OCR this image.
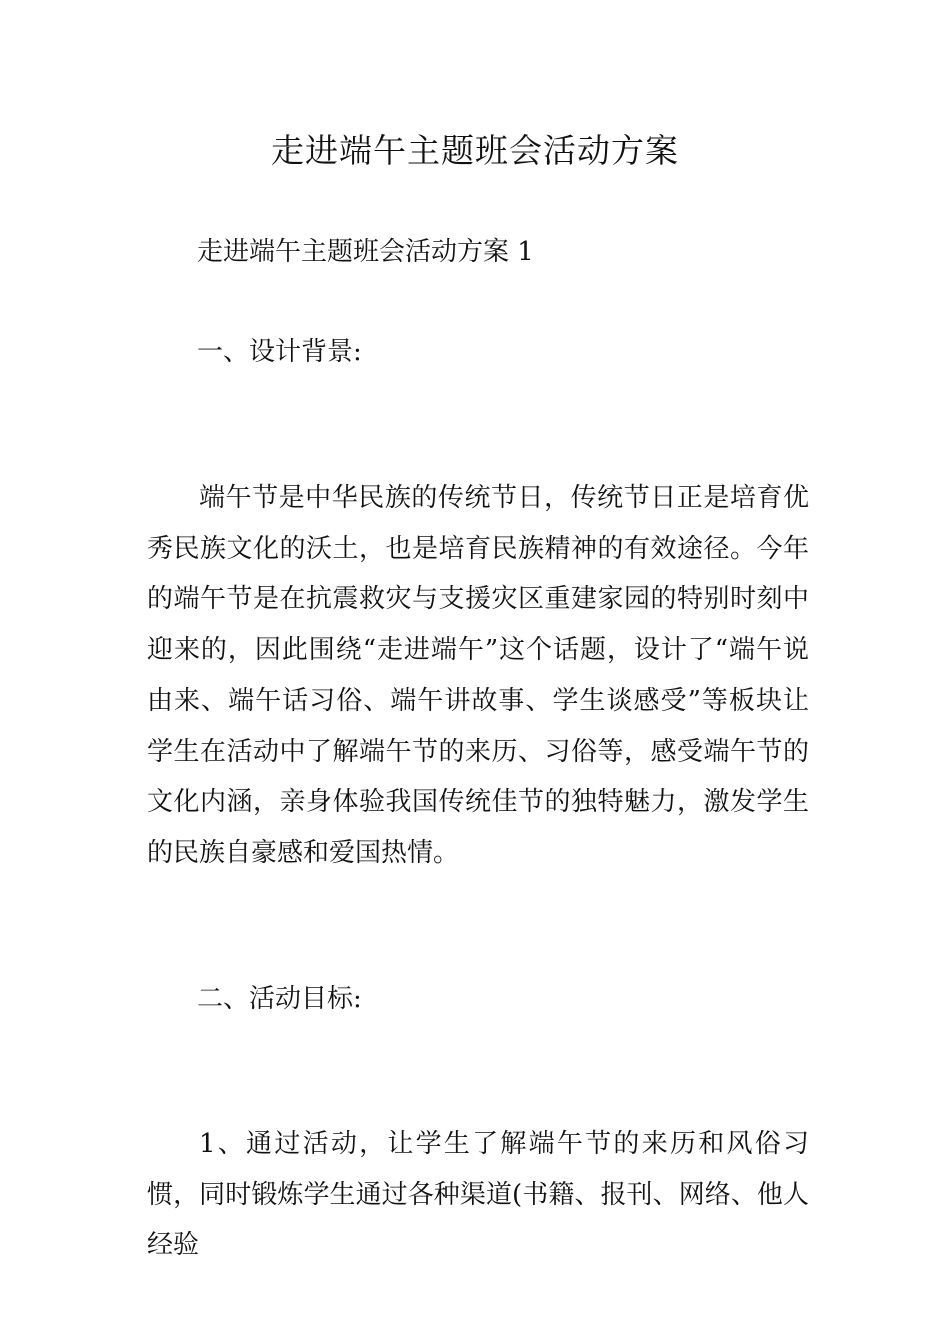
走进端午主题班会活动方案

走进端午主题班会活动方案 1

一、设计背景:

端午节是中华民族的传统节日，传统节日正是培育优秀民族文化的沃土，也是培育民族精神的有效途径。今年的端午节是在抗震救灾与支援灾区重建家园的特别时刻中迎来的，因此围绕“走进端午”这个话题，设计了“端午说由来、端午话习俗、端午讲故事、学生谈感受”等板块让学生在活动中了解端午节的来历、习俗等，感受端午节的文化内涵，亲身体验我国传统佳节的独特魅力，激发学生的民族自豪感和爱国热情。

二、活动目标:

1、通过活动，让学生了解端午节的来历和风俗习惯，同时锻炼学生通过各种渠道(书籍、报刊、网络、他人经验
